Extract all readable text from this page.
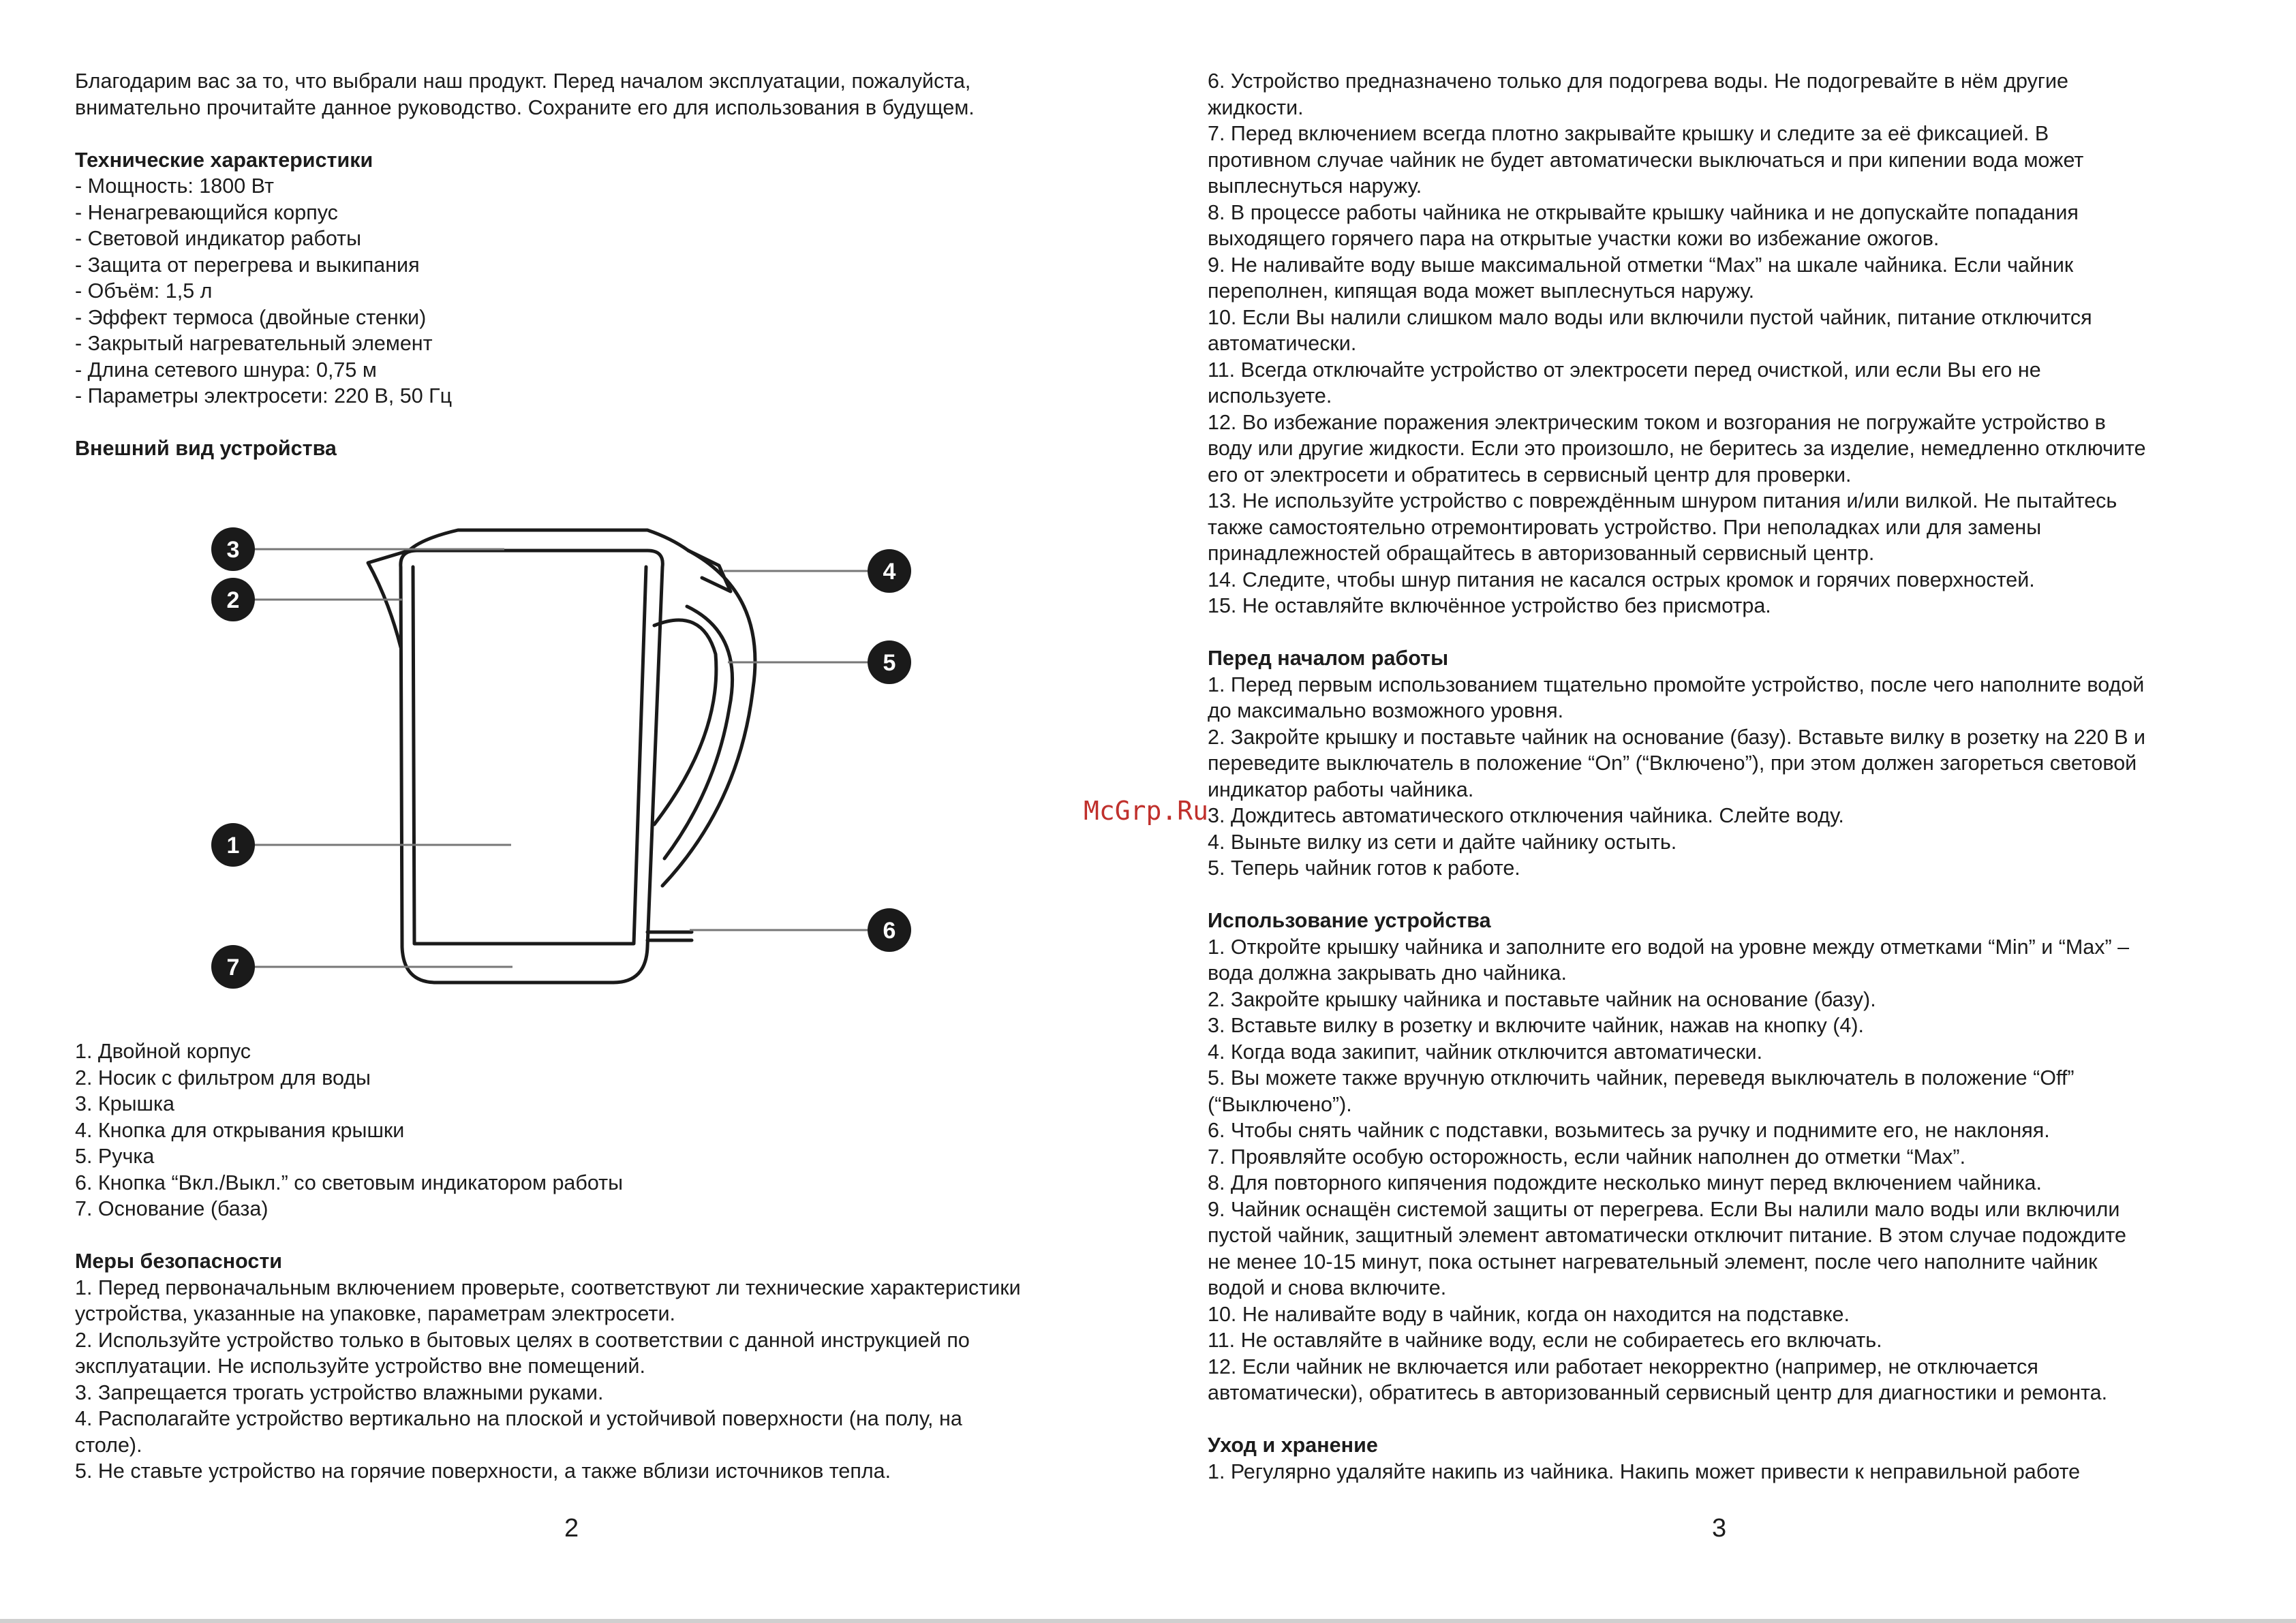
Благодарим вас за то, что выбрали наш продукт. Перед началом эксплуатации, пожалуйста,

внимательно прочитайте данное руководство. Сохраните его для использования в будущем.

Технические характеристики

- Мощность: 1800 Вт

- Ненагревающийся корпус

- Световой индикатор работы

- Защита от перегрева и выкипания

- Объём: 1,5 л

- Эффект термоса (двойные стенки)

- Закрытый нагревательный элемент

- Длина сетевого шнура: 0,75 м

- Параметры электросети: 220 В, 50 Гц

Внешний вид устройства

3
2
4
5
1
6
7

1. Двойной корпус

2. Носик с фильтром для воды

3. Крышка

4. Кнопка для открывания крышки

5. Ручка

6. Кнопка “Вкл./Выкл.” со световым индикатором работы

7. Основание (база)

Меры безопасности

1. Перед первоначальным включением проверьте, соответствуют ли технические характеристики

устройства, указанные на упаковке, параметрам электросети.

2. Используйте устройство только в бытовых целях в соответствии с данной инструкцией по

эксплуатации. Не используйте устройство вне помещений.

3. Запрещается трогать устройство влажными руками.

4. Располагайте устройство вертикально на плоской и устойчивой поверхности (на полу, на

столе).

5. Не ставьте устройство на горячие поверхности, а также вблизи источников тепла.

2

6. Устройство предназначено только для подогрева воды. Не подогревайте в нём другие

жидкости.

7. Перед включением всегда плотно закрывайте крышку и следите за её фиксацией. В

противном случае чайник не будет автоматически выключаться и при кипении вода может

выплеснуться наружу.

8. В процессе работы чайника не открывайте крышку чайника и не допускайте попадания

выходящего горячего пара на открытые участки кожи во избежание ожогов.

9. Не наливайте воду выше максимальной отметки “Max” на шкале чайника. Если чайник

переполнен, кипящая вода может выплеснуться наружу.

10. Если Вы налили слишком мало воды или включили пустой чайник, питание отключится

автоматически.

11. Всегда отключайте устройство от электросети перед очисткой, или если Вы его не

используете.

12. Во избежание поражения электрическим током и возгорания не погружайте устройство в

воду или другие жидкости. Если это произошло, не беритесь за изделие, немедленно отключите

его от электросети и обратитесь в сервисный центр для проверки.

13. Не используйте устройство с повреждённым шнуром питания и/или вилкой. Не пытайтесь

также самостоятельно отремонтировать устройство. При неполадках или для замены

принадлежностей обращайтесь в авторизованный сервисный центр.

14. Следите, чтобы шнур питания не касался острых кромок и горячих поверхностей.

15. Не оставляйте включённое устройство без присмотра.

Перед началом работы

1. Перед первым использованием тщательно промойте устройство, после чего наполните водой

до максимально возможного уровня.

2. Закройте крышку и поставьте чайник на основание (базу). Вставьте вилку в розетку на 220 В и

переведите выключатель в положение “On” (“Включено”), при этом должен загореться световой

индикатор работы чайника.

3. Дождитесь автоматического отключения чайника. Слейте воду.

4. Выньте вилку из сети и дайте чайнику остыть.

5. Теперь чайник готов к работе.

Использование устройства

1. Откройте крышку чайника и заполните его водой на уровне между отметками “Min” и “Max” –

вода должна закрывать дно чайника.

2. Закройте крышку чайника и поставьте чайник на основание (базу).

3. Вставьте вилку в розетку и включите чайник, нажав на кнопку (4).

4. Когда вода закипит, чайник отключится автоматически.

5. Вы можете также вручную отключить чайник, переведя выключатель в положение “Off”

(“Выключено”).

6. Чтобы снять чайник с подставки, возьмитесь за ручку и поднимите его, не наклоняя.

7. Проявляйте особую осторожность, если чайник наполнен до отметки “Max”.

8. Для повторного кипячения подождите несколько минут перед включением чайника.

9. Чайник оснащён системой защиты от перегрева. Если Вы налили мало воды или включили

пустой чайник, защитный элемент автоматически отключит питание. В этом случае подождите

не менее 10-15 минут, пока остынет нагревательный элемент, после чего наполните чайник

водой и снова включите.

10. Не наливайте воду в чайник, когда он находится на подставке.

11. Не оставляйте в чайнике воду, если не собираетесь его включать.

12. Если чайник не включается или работает некорректно (например, не отключается

автоматически), обратитесь в авторизованный сервисный центр для диагностики и ремонта.

Уход и хранение

1. Регулярно удаляйте накипь из чайника. Накипь может привести к неправильной работе

3
McGrp.Ru
